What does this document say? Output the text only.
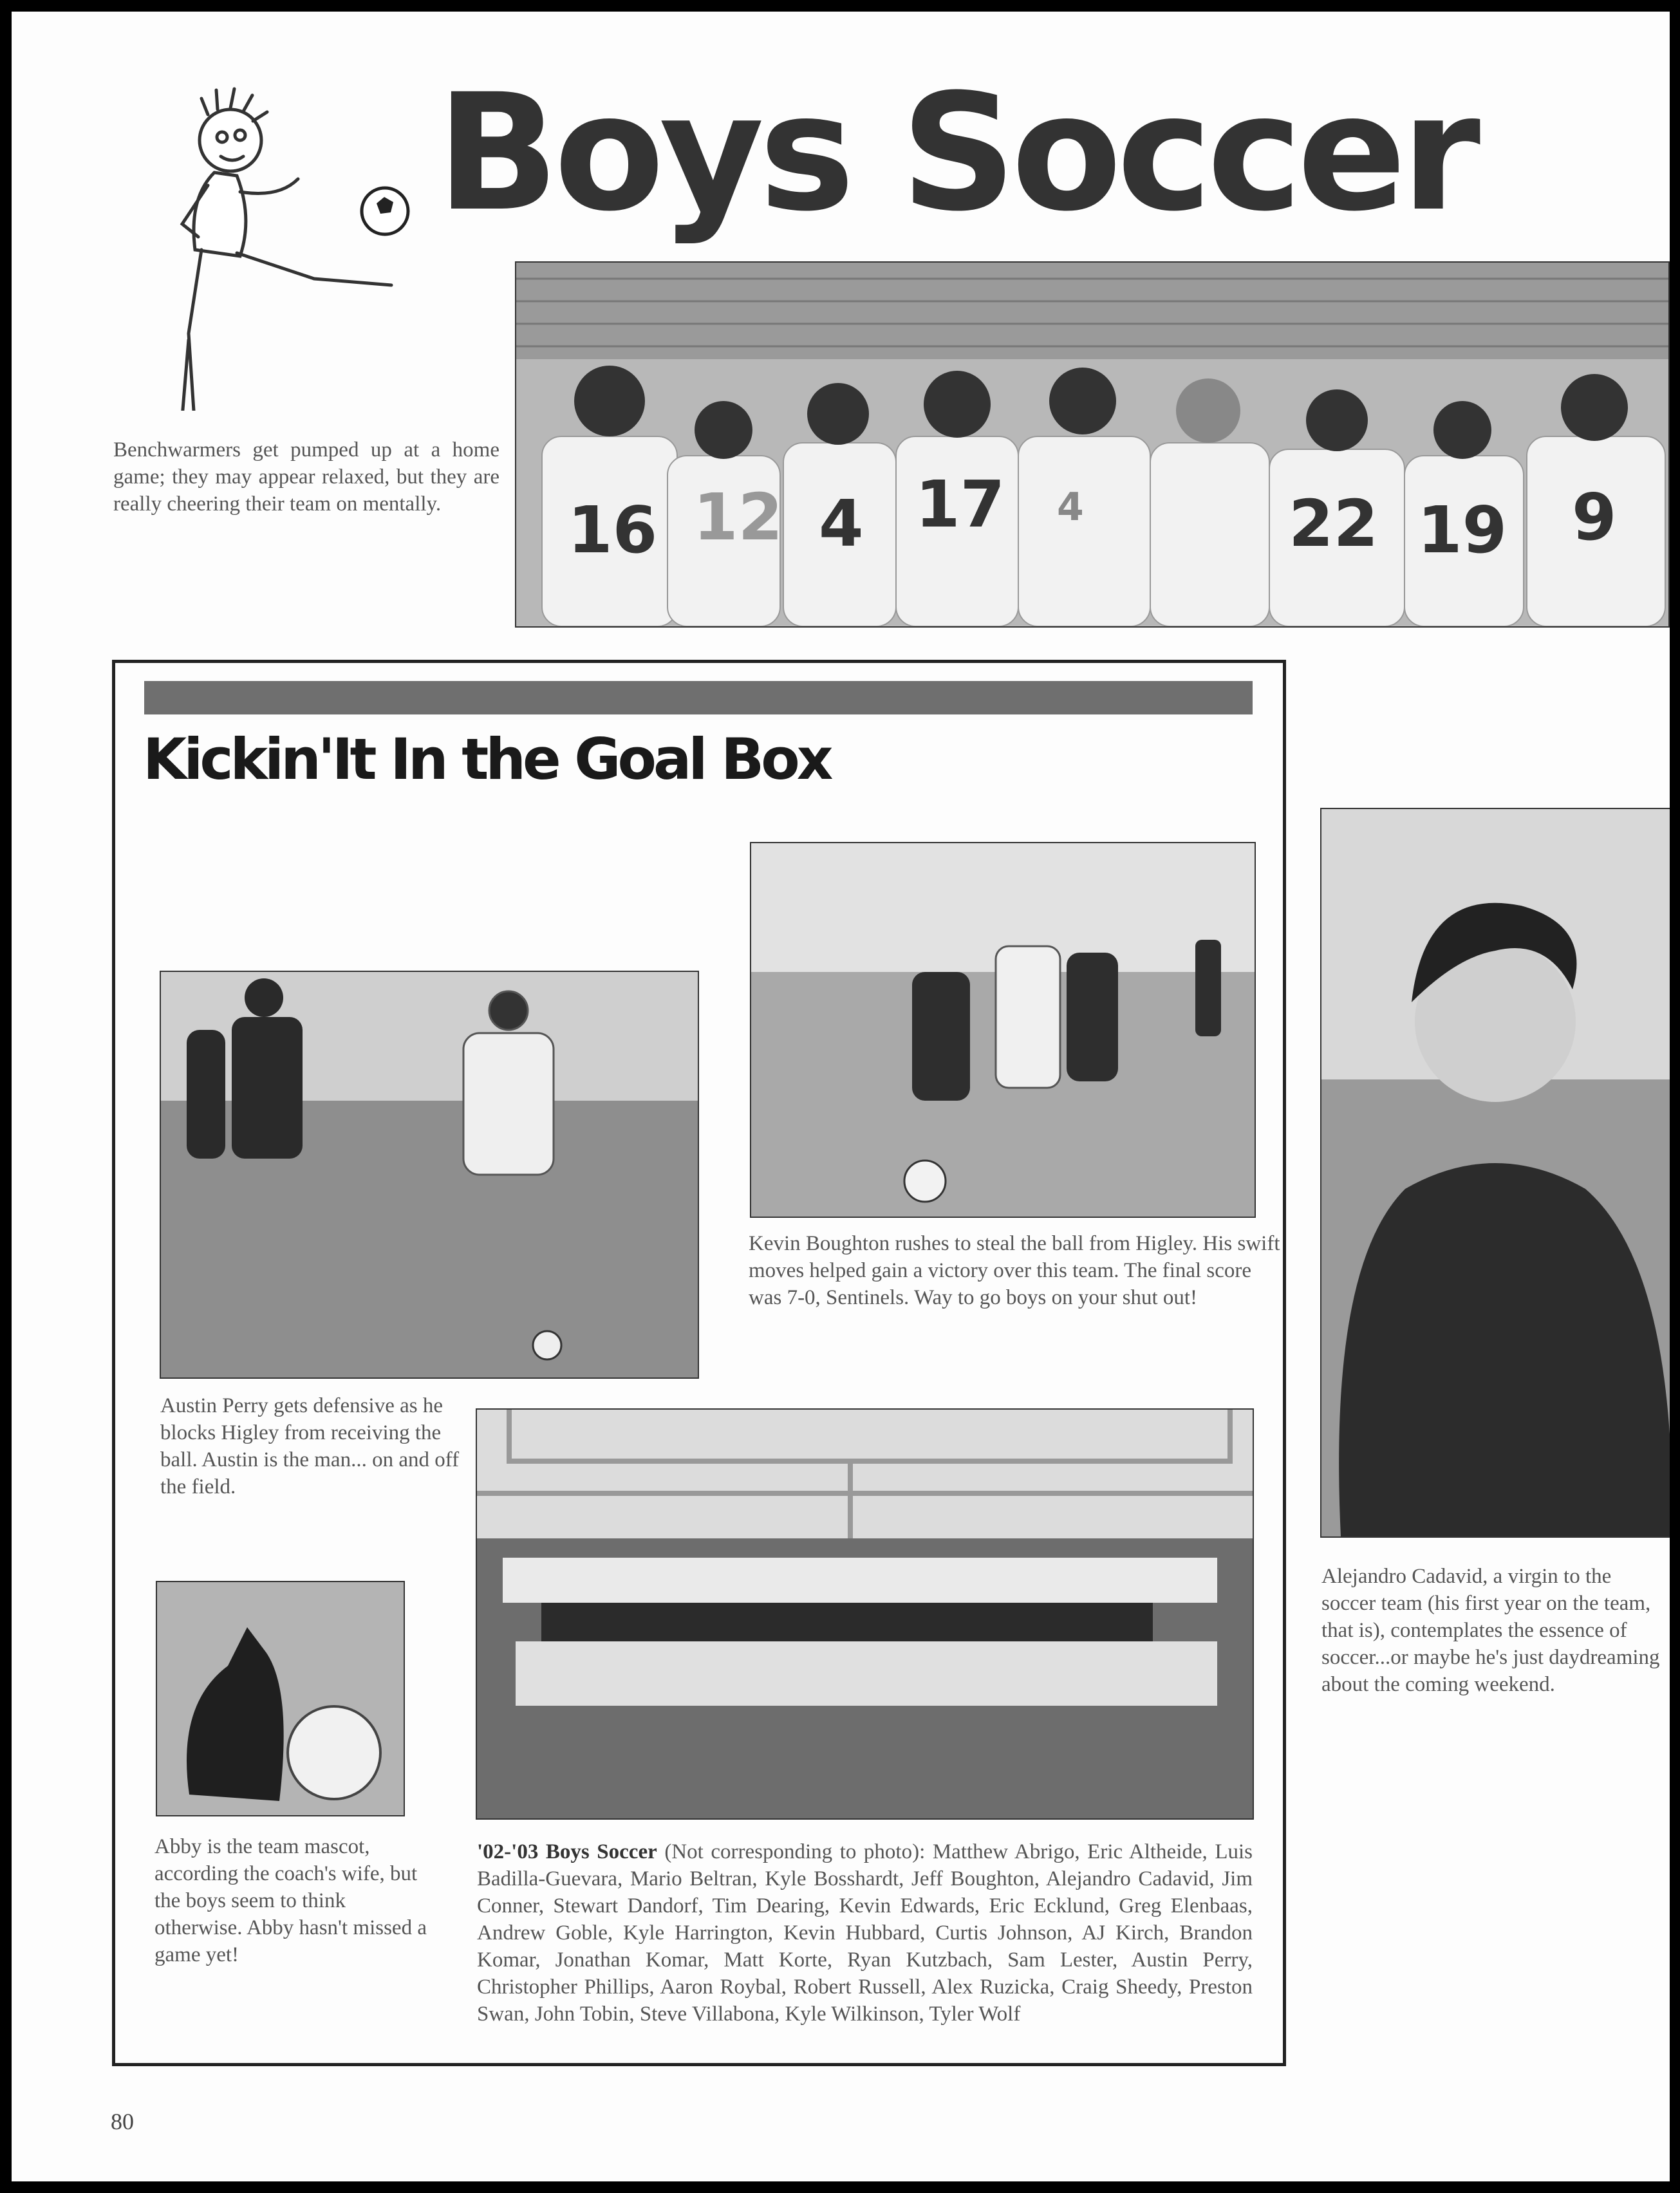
Boys Soccer
16 12 4 17 4	22 19 9
Benchwarmers get pumped up at a home game; they may appear relaxed, but they are really cheering their team on mentally.
Kickin'It In the Goal Box
Austin Perry gets defensive as he blocks Higley from receiving the ball. Austin is the man... on and off the field.
Kevin Boughton rushes to steal the ball from Higley. His swift moves helped gain a victory over this team. The final score was 7-0, Sentinels. Way to go boys on your shut out!
Abby is the team mascot, according the coach's wife, but the boys seem to think otherwise. Abby hasn't missed a game yet!
'02-'03 Boys Soccer (Not corresponding to photo): Matthew Abrigo, Eric Altheide, Luis Badilla-Guevara, Mario Beltran, Kyle Bosshardt, Jeff Boughton, Alejandro Cadavid, Jim Conner, Stewart Dandorf, Tim Dearing, Kevin Edwards, Eric Ecklund, Greg Elenbaas, Andrew Goble, Kyle Harrington, Kevin Hubbard, Curtis Johnson, AJ Kirch, Brandon Komar, Jonathan Komar, Matt Korte, Ryan Kutzbach, Sam Lester, Austin Perry, Christopher Phillips, Aaron Roybal, Robert Russell, Alex Ruzicka, Craig Sheedy, Preston Swan, John Tobin, Steve Villabona, Kyle Wilkinson, Tyler Wolf
Alejandro Cadavid, a virgin to the soccer team (his first year on the team, that is), contemplates the essence of soccer...or maybe he's just daydreaming about the coming weekend.
80
